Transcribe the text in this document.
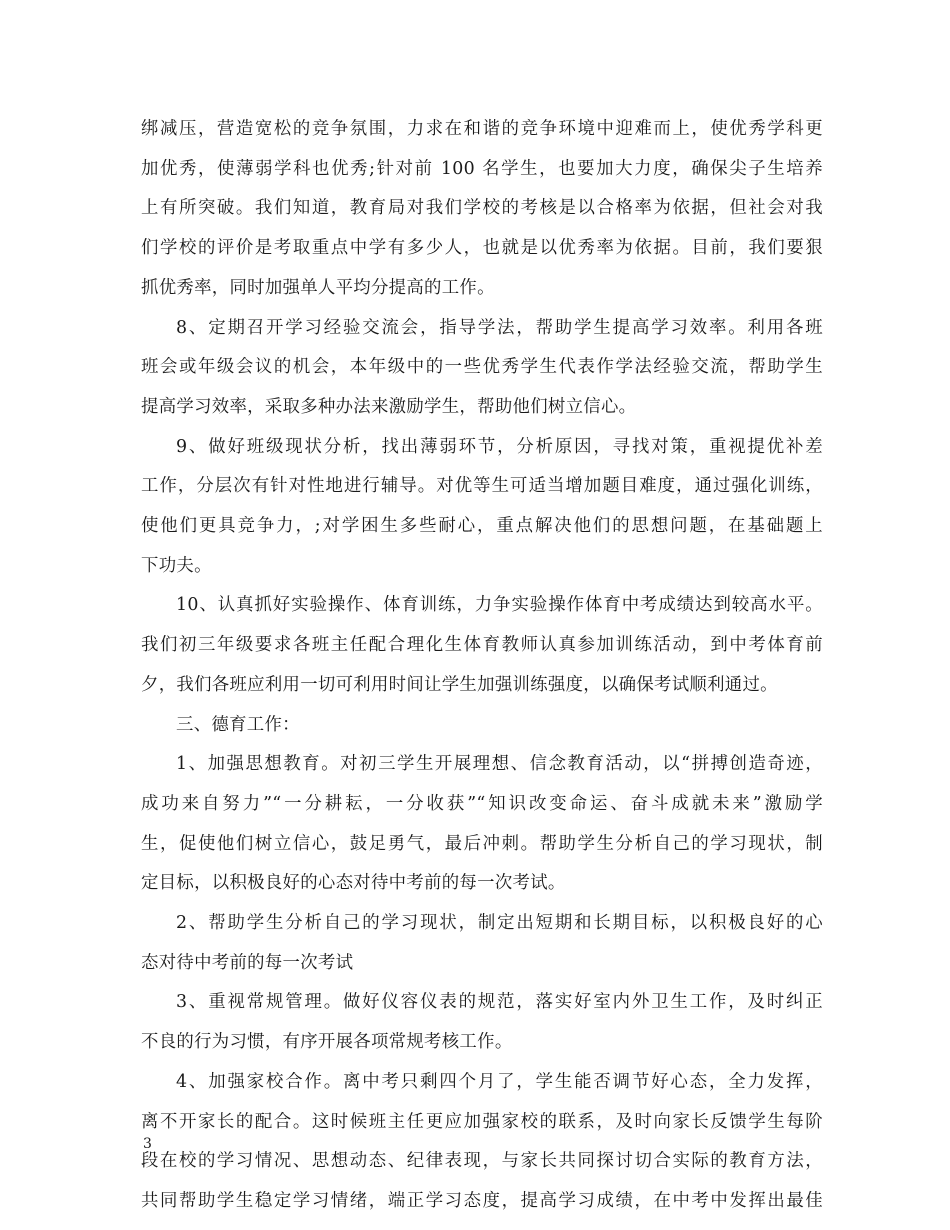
绑减压，营造宽松的竞争氛围，力求在和谐的竞争环境中迎难而上，使优秀学科更
加优秀，使薄弱学科也优秀;针对前 100 名学生，也要加大力度，确保尖子生培养
上有所突破。我们知道，教育局对我们学校的考核是以合格率为依据，但社会对我
们学校的评价是考取重点中学有多少人，也就是以优秀率为依据。目前，我们要狠
抓优秀率，同时加强单人平均分提高的工作。
8、定期召开学习经验交流会，指导学法，帮助学生提高学习效率。利用各班
班会或年级会议的机会，本年级中的一些优秀学生代表作学法经验交流，帮助学生
提高学习效率，采取多种办法来激励学生，帮助他们树立信心。
9、做好班级现状分析，找出薄弱环节，分析原因，寻找对策，重视提优补差
工作，分层次有针对性地进行辅导。对优等生可适当增加题目难度，通过强化训练，
使他们更具竞争力，;对学困生多些耐心，重点解决他们的思想问题，在基础题上
下功夫。
10、认真抓好实验操作、体育训练，力争实验操作体育中考成绩达到较高水平。
我们初三年级要求各班主任配合理化生体育教师认真参加训练活动，到中考体育前
夕，我们各班应利用一切可利用时间让学生加强训练强度，以确保考试顺利通过。
三、德育工作：
1、加强思想教育。对初三学生开展理想、信念教育活动，以“拼搏创造奇迹，
成功来自努力”“一分耕耘，一分收获”“知识改变命运、奋斗成就未来”激励学
生，促使他们树立信心，鼓足勇气，最后冲刺。帮助学生分析自己的学习现状，制
定目标，以积极良好的心态对待中考前的每一次考试。
2、帮助学生分析自己的学习现状，制定出短期和长期目标，以积极良好的心
态对待中考前的每一次考试
3、重视常规管理。做好仪容仪表的规范，落实好室内外卫生工作，及时纠正
不良的行为习惯，有序开展各项常规考核工作。
4、加强家校合作。离中考只剩四个月了，学生能否调节好心态，全力发挥，
离不开家长的配合。这时候班主任更应加强家校的联系，及时向家长反馈学生每阶
段在校的学习情况、思想动态、纪律表现，与家长共同探讨切合实际的教育方法，
共同帮助学生稳定学习情绪，端正学习态度，提高学习成绩，在中考中发挥出最佳
3
